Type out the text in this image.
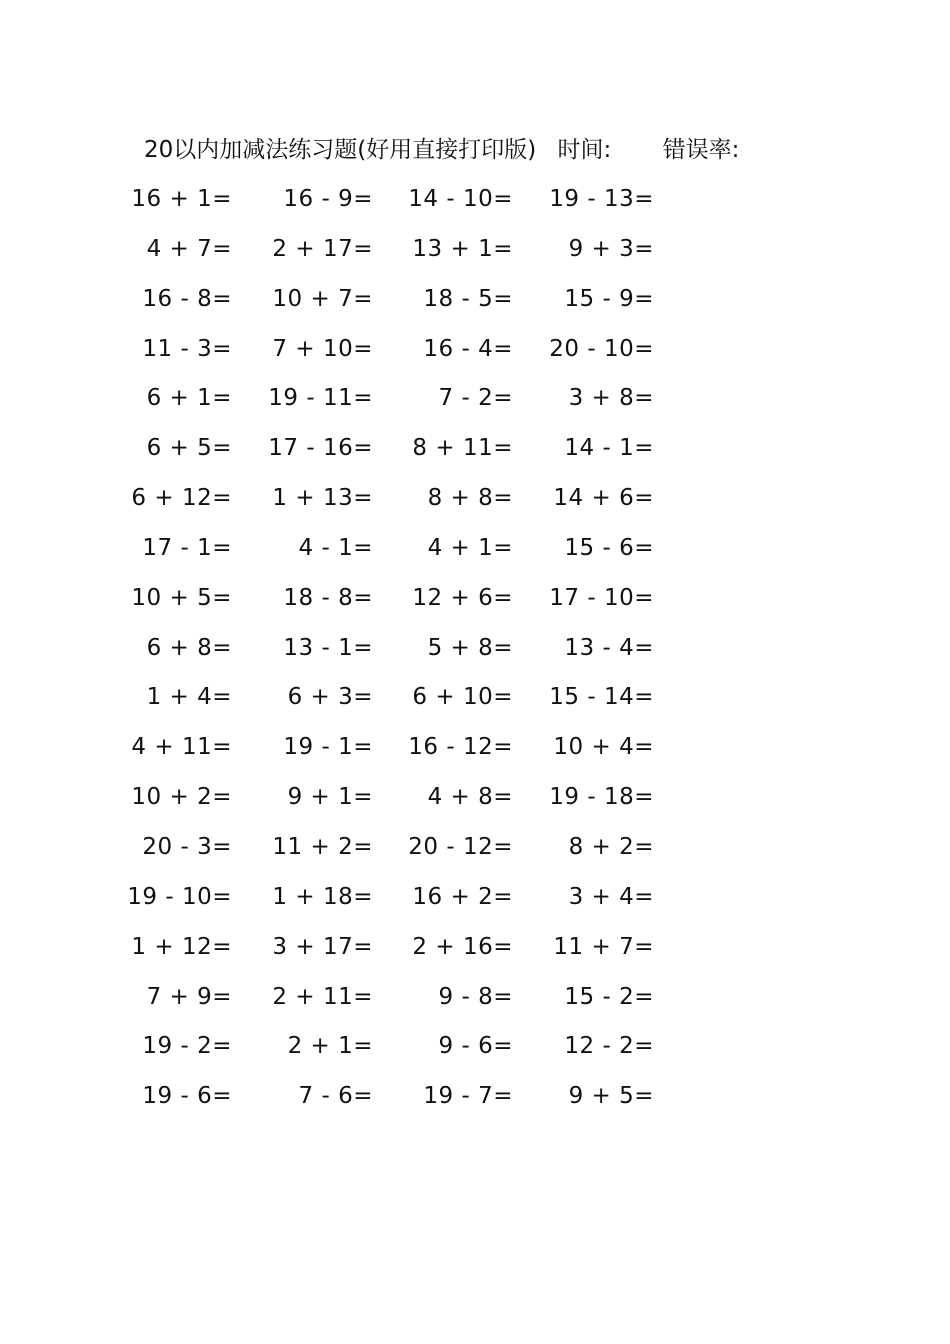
20以内加减法练习题(好用直接打印版) 时间: 错误率:
16 + 1= 16 - 9= 14 - 10= 19 - 13=
4 + 7= 2 + 17= 13 + 1= 9 + 3=
16 - 8= 10 + 7= 18 - 5= 15 - 9=
11 - 3= 7 + 10= 16 - 4= 20 - 10=
6 + 1= 19 - 11=	7 - 2= 3 + 8=
6 + 5= 17 - 16= 8 + 11= 14 - 1=
6 + 12= 1 + 13= 8 + 8= 14 + 6=
17 - 1=	4 - 1= 4 + 1= 15 - 6=
10 + 5= 18 - 8= 12 + 6= 17 - 10=
6 + 8= 13 - 1= 5 + 8= 13 - 4=
1 + 4= 6 + 3= 6 + 10= 15 - 14=
4 + 11= 19 - 1= 16 - 12= 10 + 4=
10 + 2= 9 + 1= 4 + 8= 19 - 18=
20 - 3= 11 + 2= 20 - 12= 8 + 2=
19 - 10= 1 + 18= 16 + 2= 3 + 4=
1 + 12= 3 + 17= 2 + 16= 11 + 7=
7 + 9= 2 + 11=	9 - 8= 15 - 2=
19 - 2= 2 + 1=	9 - 6= 12 - 2=
19 - 6=	7 - 6= 19 - 7= 9 + 5=
